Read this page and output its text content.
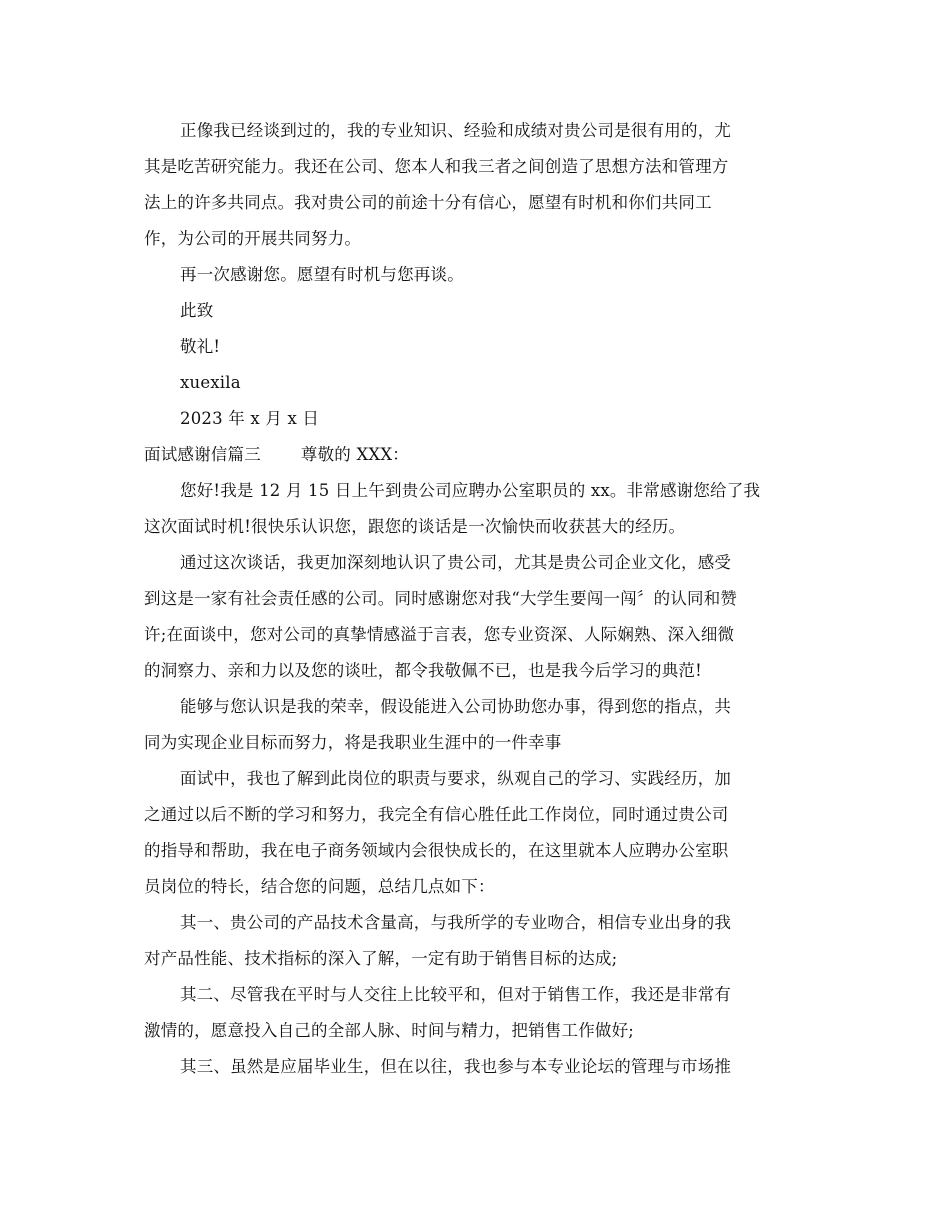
正像我已经谈到过的，我的专业知识、经验和成绩对贵公司是很有用的，尤
其是吃苦研究能力。我还在公司、您本人和我三者之间创造了思想方法和管理方
法上的许多共同点。我对贵公司的前途十分有信心，愿望有时机和你们共同工
作，为公司的开展共同努力。
再一次感谢您。愿望有时机与您再谈。
此致
敬礼!
xuexila
2023 年 x 月 x 日
面试感谢信篇三 尊敬的 XXX：
您好!我是 12 月 15 日上午到贵公司应聘办公室职员的 xx。非常感谢您给了我
这次面试时机!很快乐认识您，跟您的谈话是一次愉快而收获甚大的经历。
通过这次谈话，我更加深刻地认识了贵公司，尤其是贵公司企业文化，感受
到这是一家有社会责任感的公司。同时感谢您对我“大学生要闯一闯〞的认同和赞
许;在面谈中，您对公司的真挚情感溢于言表，您专业资深、人际娴熟、深入细微
的洞察力、亲和力以及您的谈吐，都令我敬佩不已，也是我今后学习的典范!
能够与您认识是我的荣幸，假设能进入公司协助您办事，得到您的指点，共
同为实现企业目标而努力，将是我职业生涯中的一件幸事
面试中，我也了解到此岗位的职责与要求，纵观自己的学习、实践经历，加
之通过以后不断的学习和努力，我完全有信心胜任此工作岗位，同时通过贵公司
的指导和帮助，我在电子商务领域内会很快成长的，在这里就本人应聘办公室职
员岗位的特长，结合您的问题，总结几点如下：
其一、贵公司的产品技术含量高，与我所学的专业吻合，相信专业出身的我
对产品性能、技术指标的深入了解，一定有助于销售目标的达成;
其二、尽管我在平时与人交往上比较平和，但对于销售工作，我还是非常有
激情的，愿意投入自己的全部人脉、时间与精力，把销售工作做好;
其三、虽然是应届毕业生，但在以往，我也参与本专业论坛的管理与市场推
